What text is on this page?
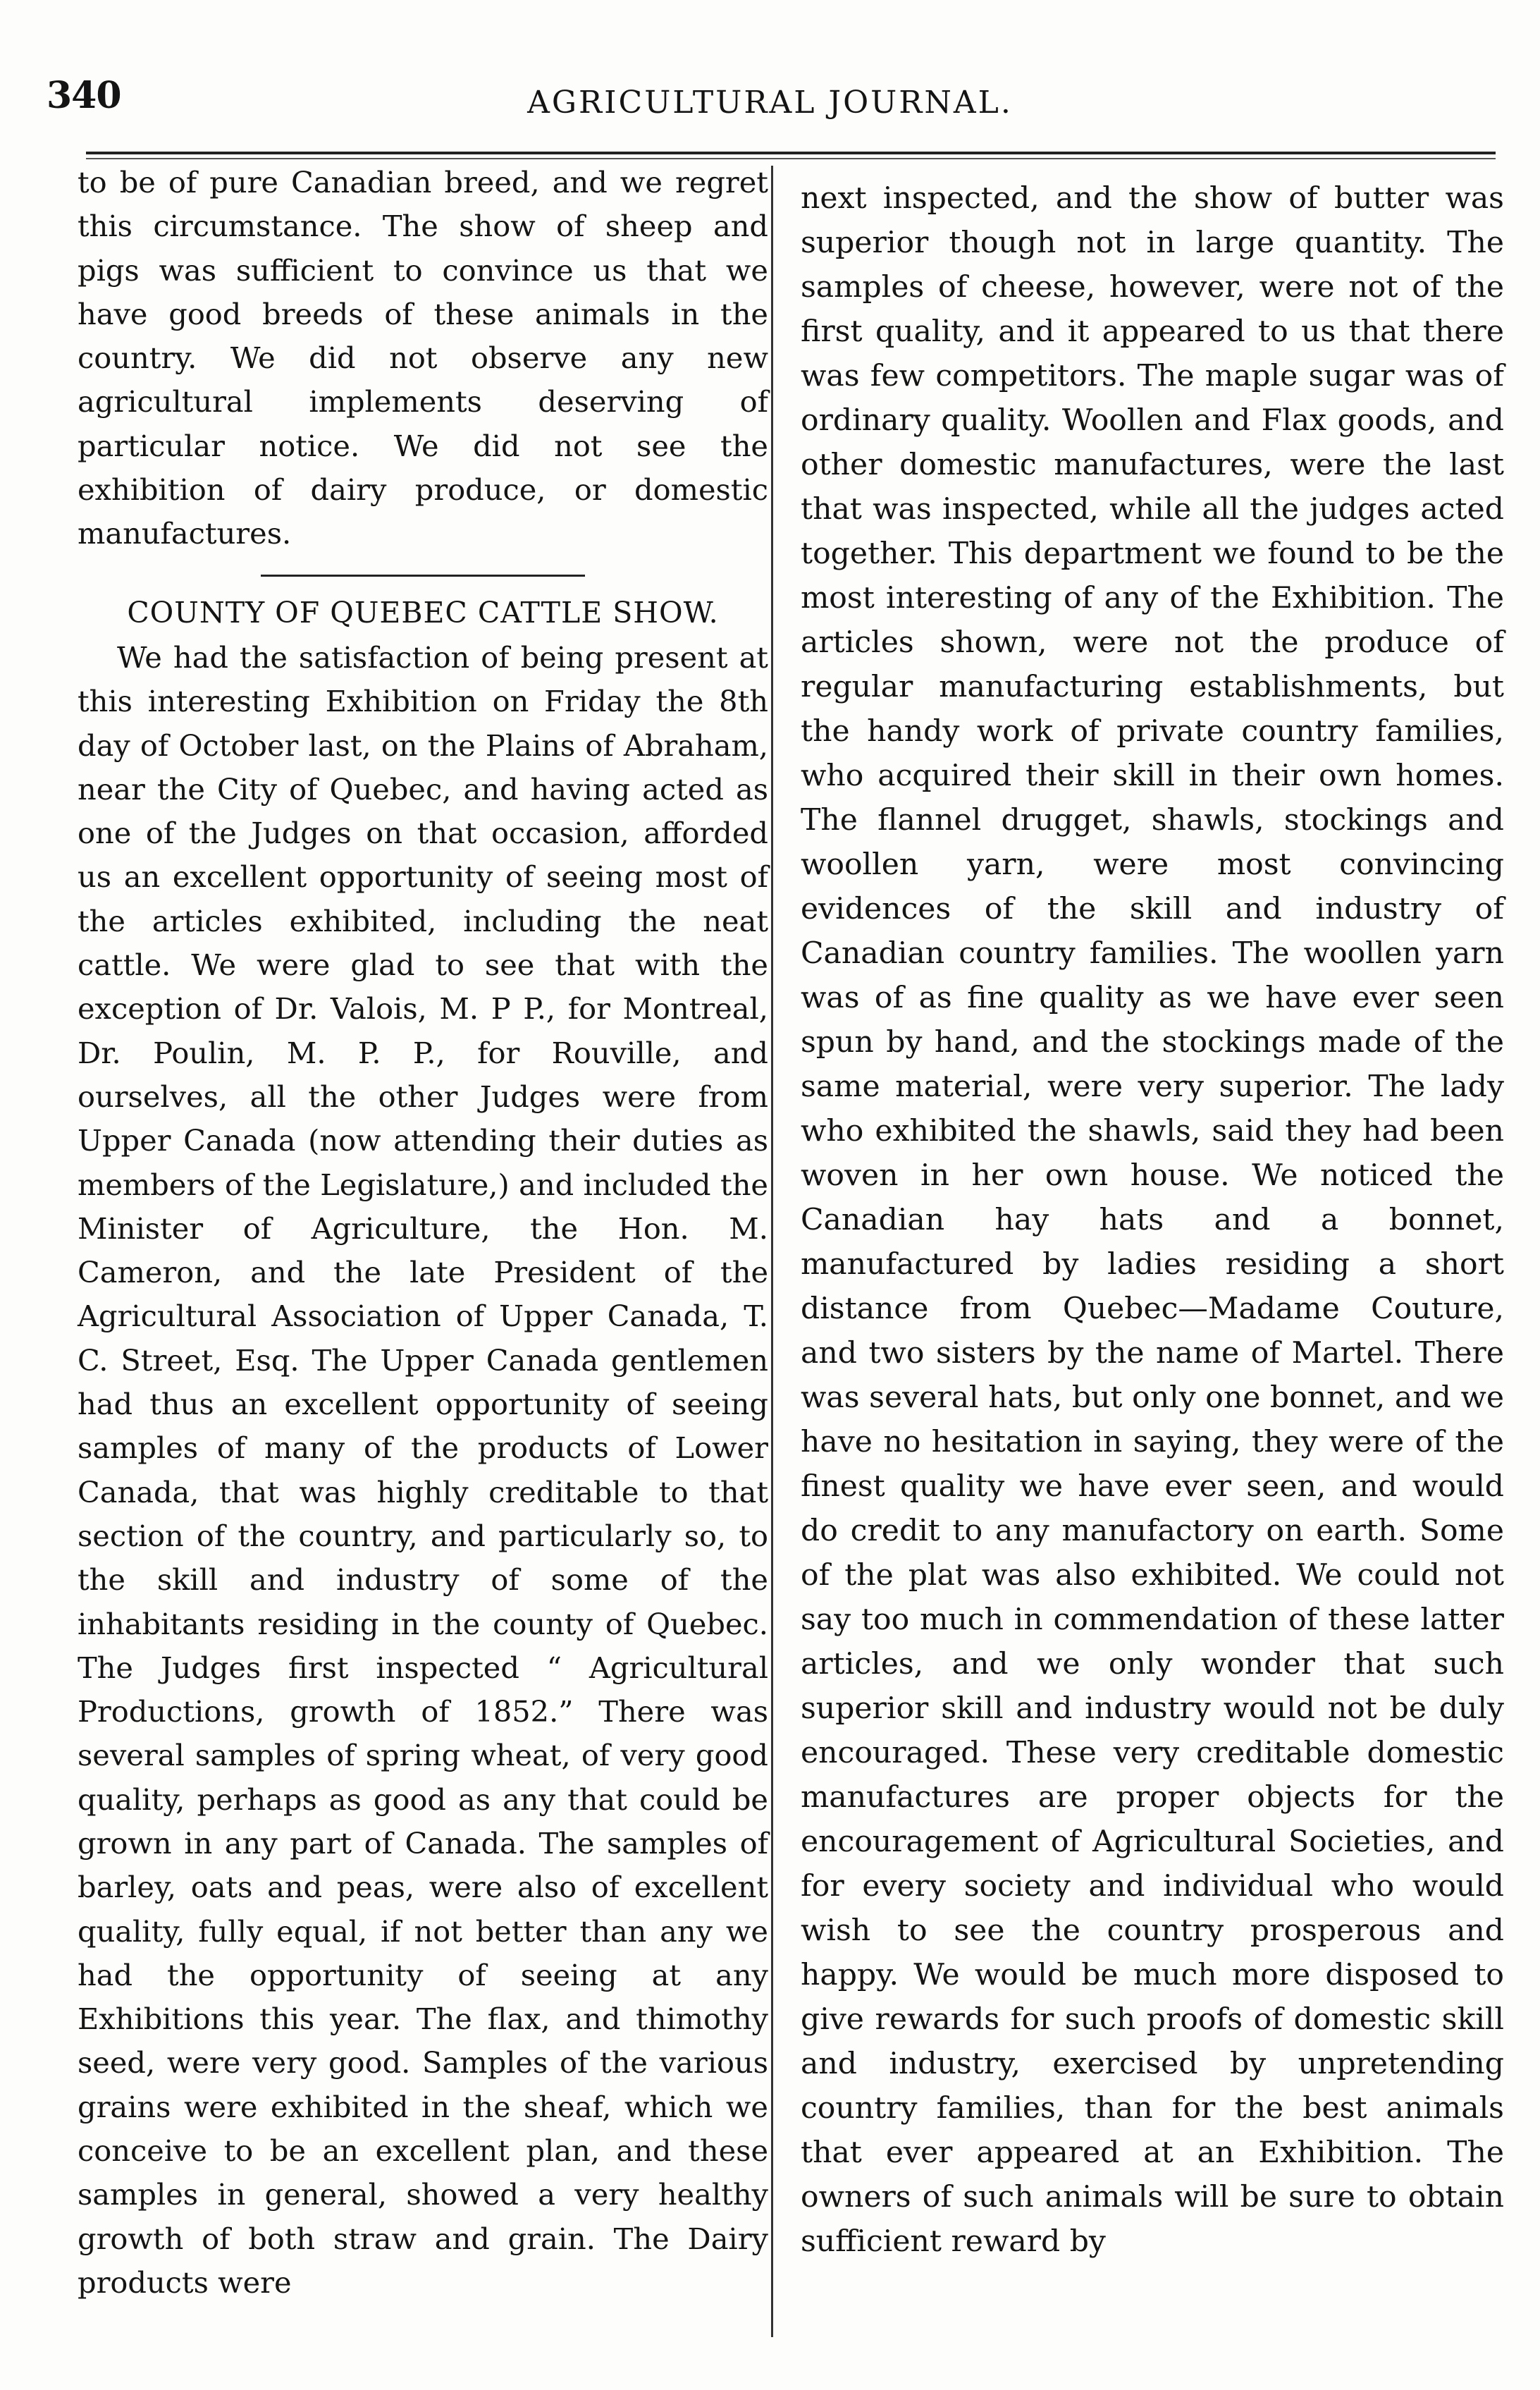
340	AGRICULTURAL JOURNAL.

to be of pure Canadian breed, and we regret this circumstance. The show of sheep and pigs was sufficient to convince us that we have good breeds of these animals in the country. We did not observe any new agricultural implements deserving of particular notice. We did not see the exhibition of dairy produce, or domestic manufactures.

COUNTY OF QUEBEC CATTLE SHOW.

We had the satisfaction of being present at this interesting Exhibition on Friday the 8th day of October last, on the Plains of Abraham, near the City of Quebec, and having acted as one of the Judges on that occasion, afforded us an excellent opportunity of seeing most of the articles exhibited, including the neat cattle. We were glad to see that with the exception of Dr. Valois, M. P P., for Montreal, Dr. Poulin, M. P. P., for Rouville, and ourselves, all the other Judges were from Upper Canada (now attending their duties as members of the Legislature,) and included the Minister of Agriculture, the Hon. M. Cameron, and the late President of the Agricultural Association of Upper Canada, T. C. Street, Esq. The Upper Canada gentlemen had thus an excellent opportunity of seeing samples of many of the products of Lower Canada, that was highly creditable to that section of the country, and particularly so, to the skill and industry of some of the inhabitants residing in the county of Quebec. The Judges first inspected “ Agricultural Productions, growth of 1852.” There was several samples of spring wheat, of very good quality, perhaps as good as any that could be grown in any part of Canada. The samples of barley, oats and peas, were also of excellent quality, fully equal, if not better than any we had the opportunity of seeing at any Exhibitions this year. The flax, and thimothy seed, were very good. Samples of the various grains were exhibited in the sheaf, which we conceive to be an excellent plan, and these samples in general, showed a very healthy growth of both straw and grain. The Dairy products were

next inspected, and the show of butter was superior though not in large quantity. The samples of cheese, however, were not of the first quality, and it appeared to us that there was few competitors. The maple sugar was of ordinary quality. Woollen and Flax goods, and other domestic manufactures, were the last that was inspected, while all the judges acted together. This department we found to be the most interesting of any of the Exhibition. The articles shown, were not the produce of regular manufacturing establishments, but the handy work of private country families, who acquired their skill in their own homes. The flannel drugget, shawls, stockings and woollen yarn, were most convincing evidences of the skill and industry of Canadian country families. The woollen yarn was of as fine quality as we have ever seen spun by hand, and the stockings made of the same material, were very superior. The lady who exhibited the shawls, said they had been woven in her own house. We noticed the Canadian hay hats and a bonnet, manufactured by ladies residing a short distance from Quebec—Madame Couture, and two sisters by the name of Martel. There was several hats, but only one bonnet, and we have no hesitation in saying, they were of the finest quality we have ever seen, and would do credit to any manufactory on earth. Some of the plat was also exhibited. We could not say too much in commendation of these latter articles, and we only wonder that such superior skill and industry would not be duly encouraged. These very creditable domestic manufactures are proper objects for the encouragement of Agricultural Societies, and for every society and individual who would wish to see the country prosperous and happy. We would be much more disposed to give rewards for such proofs of domestic skill and industry, exercised by unpretending country families, than for the best animals that ever appeared at an Exhibition. The owners of such animals will be sure to obtain sufficient reward by
